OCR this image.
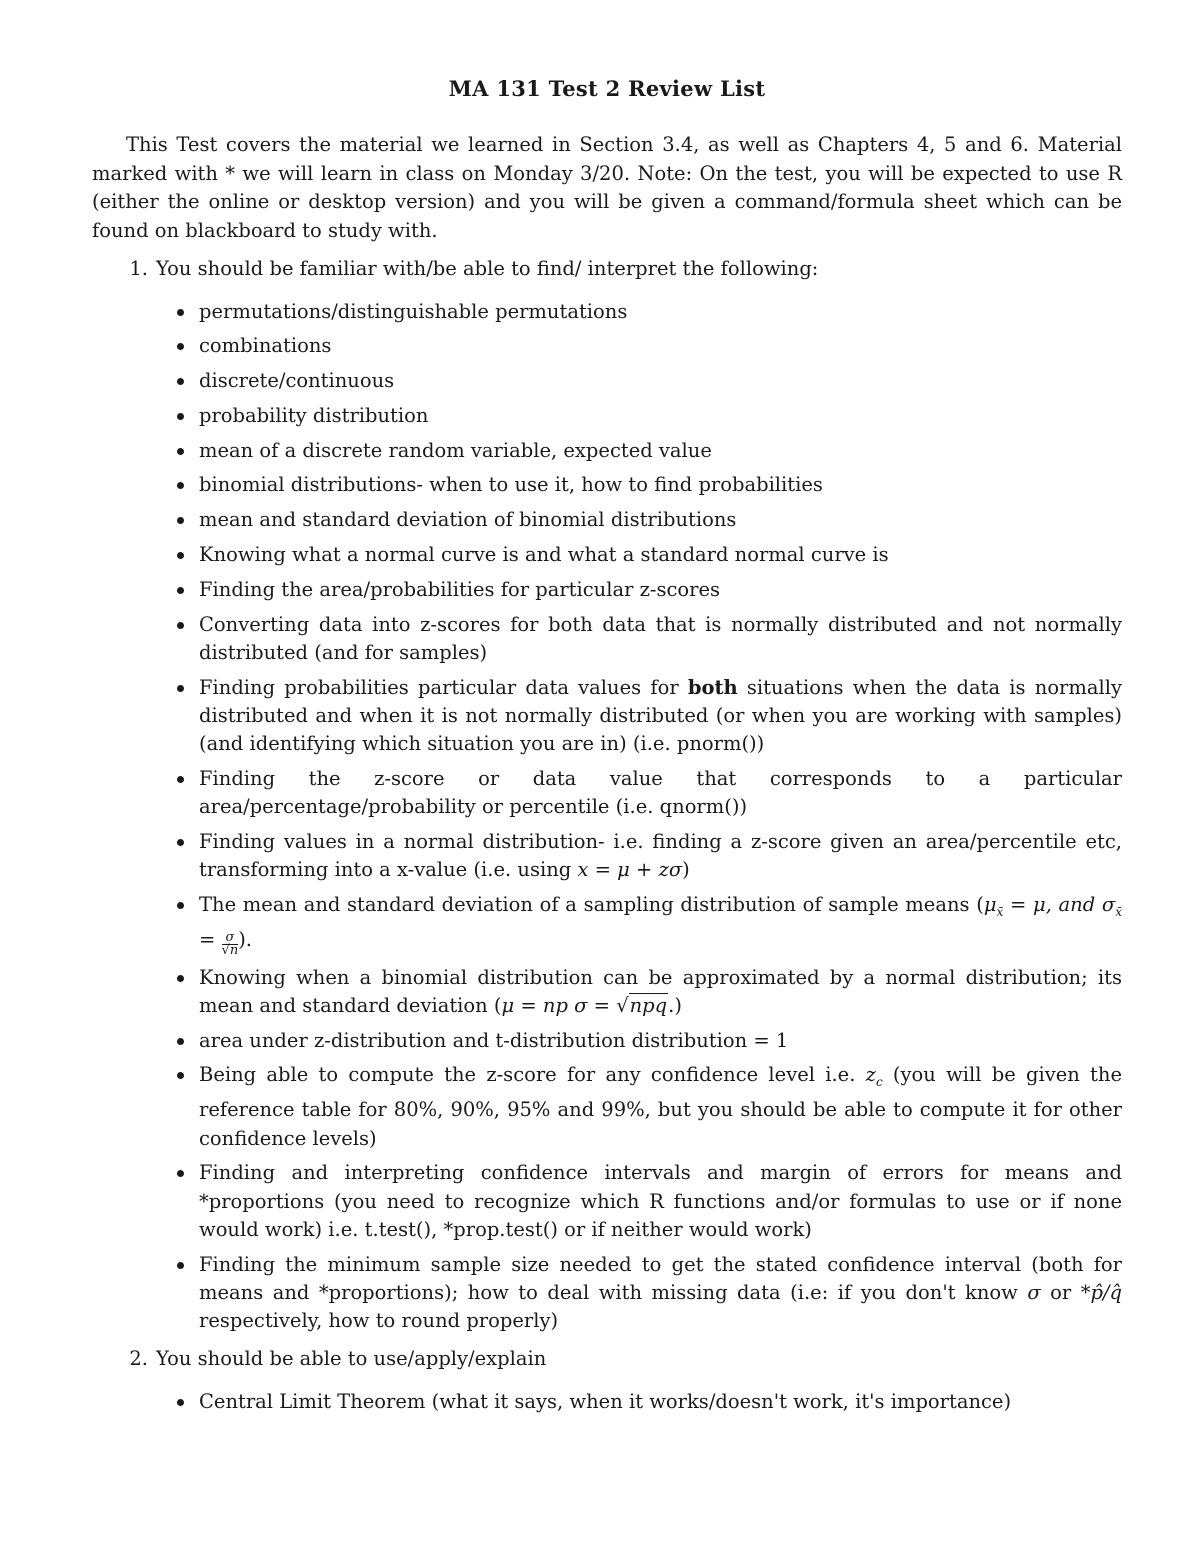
MA 131 Test 2 Review List

This Test covers the material we learned in Section 3.4, as well as Chapters 4, 5 and 6. Material marked with * we will learn in class on Monday 3/20. Note: On the test, you will be expected to use R (either the online or desktop version) and you will be given a command/formula sheet which can be found on blackboard to study with.

1. You should be familiar with/be able to find/ interpret the following:
permutations/distinguishable permutations
combinations
discrete/continuous
probability distribution
mean of a discrete random variable, expected value
binomial distributions- when to use it, how to find probabilities
mean and standard deviation of binomial distributions
Knowing what a normal curve is and what a standard normal curve is
Finding the area/probabilities for particular z-scores
Converting data into z-scores for both data that is normally distributed and not normally distributed (and for samples)
Finding probabilities particular data values for both situations when the data is normally distributed and when it is not normally distributed (or when you are working with samples) (and identifying which situation you are in) (i.e. pnorm())
Finding the z-score or data value that corresponds to a particular area/percentage/probability or percentile (i.e. qnorm())
Finding values in a normal distribution- i.e. finding a z-score given an area/percentile etc, transforming into a x-value (i.e. using x = μ + zσ)
The mean and standard deviation of a sampling distribution of sample means ($\mu_{x̄} = \mu$, and $\sigma_{x̄} = \frac{\sigma}{√n}$ ).
Knowing when a binomial distribution can be approximated by a normal distribution; its mean and standard deviation (μ = np σ = √npq.)
area under z-distribution and t-distribution distribution = 1
Being able to compute the z-score for any confidence level i.e. $z_c$ (you will be given the reference table for 80%, 90%, 95% and 99%, but you should be able to compute it for other confidence levels)
Finding and interpreting confidence intervals and margin of errors for means and *proportions (you need to recognize which R functions and/or formulas to use or if none would work) i.e. t.test(), *prop.test() or if neither would work)
Finding the minimum sample size needed to get the stated confidence interval (both for means and *proportions); how to deal with missing data (i.e: if you don't know σ or *p̂/q̂ respectively, how to round properly)
2. You should be able to use/apply/explain
Central Limit Theorem (what it says, when it works/doesn't work, it's importance)
